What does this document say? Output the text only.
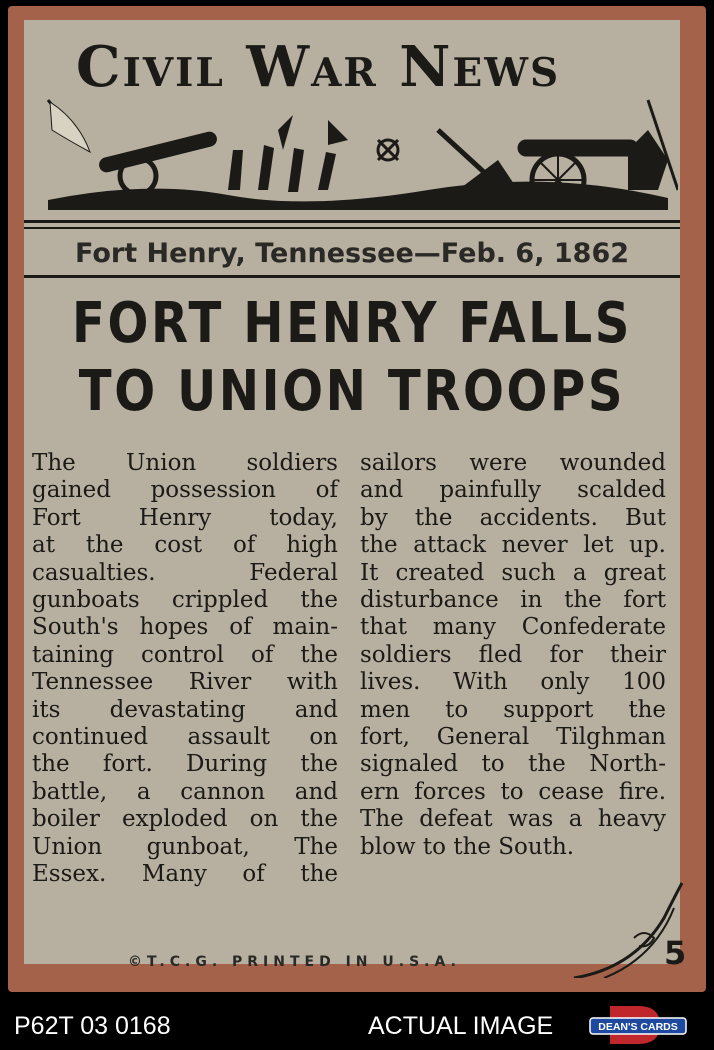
Civil War News
Fort Henry, Tennessee—Feb. 6, 1862
FORT HENRY FALLS
TO UNION TROOPS
The Union soldiers
gained possession of
Fort Henry today,
at the cost of high
casualties. Federal
gunboats crippled the
South's hopes of main-
taining control of the
Tennessee River with
its devastating and
continued assault on
the fort. During the
battle, a cannon and
boiler exploded on the
Union gunboat, The
Essex. Many of the
sailors were wounded
and painfully scalded
by the accidents. But
the attack never let up.
It created such a great
disturbance in the fort
that many Confederate
soldiers fled for their
lives. With only 100
men to support the
fort, General Tilghman
signaled to the North-
ern forces to cease fire.
The defeat was a heavy
blow to the South.
©T.C.G. PRINTED IN U.S.A.	5
P62T 03 0168	ACTUAL IMAGE	DEAN'S CARDS
